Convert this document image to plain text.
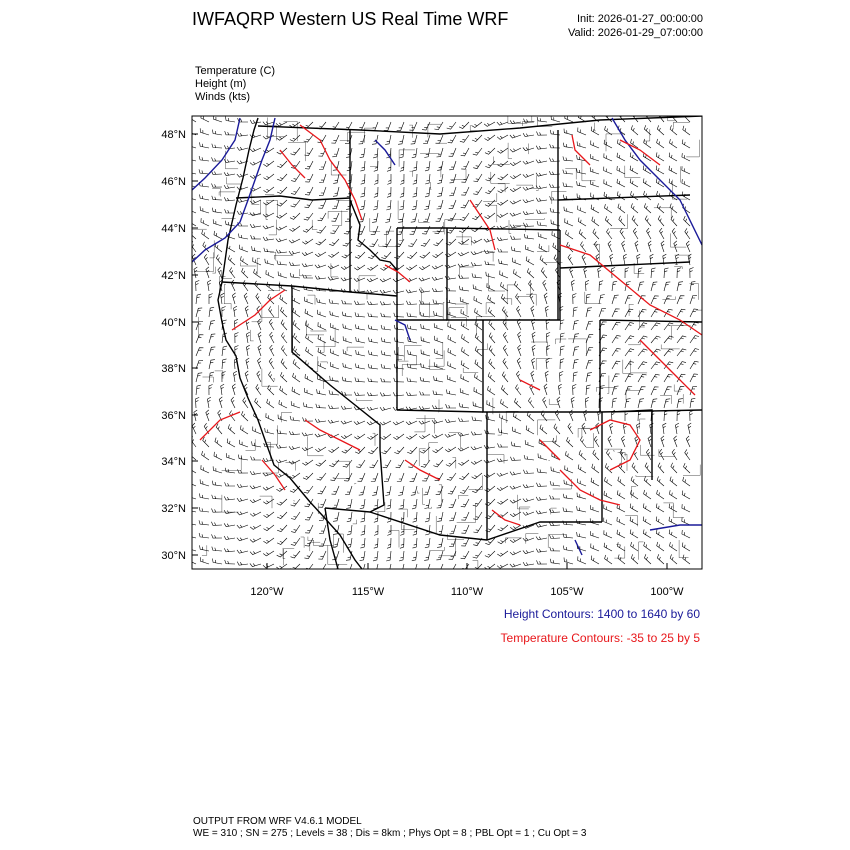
IWFAQRP Western US Real Time WRF	Init: 2026-01-27_00:00:00
Valid: 2026-01-29_07:00:00
Temperature (C)
Height (m)
Winds (kts)
48°N
46°N
44°N
42°N
40°N
38°N
36°N
34°N
32°N
30°N
120°W	115°W	110°W	105°W	100°W
Height Contours: 1400 to 1640 by 60
Temperature Contours: -35 to 25 by 5
OUTPUT FROM WRF V4.6.1 MODEL
WE = 310 ; SN = 275 ; Levels = 38 ; Dis = 8km ; Phys Opt = 8 ; PBL Opt = 1 ; Cu Opt = 3
